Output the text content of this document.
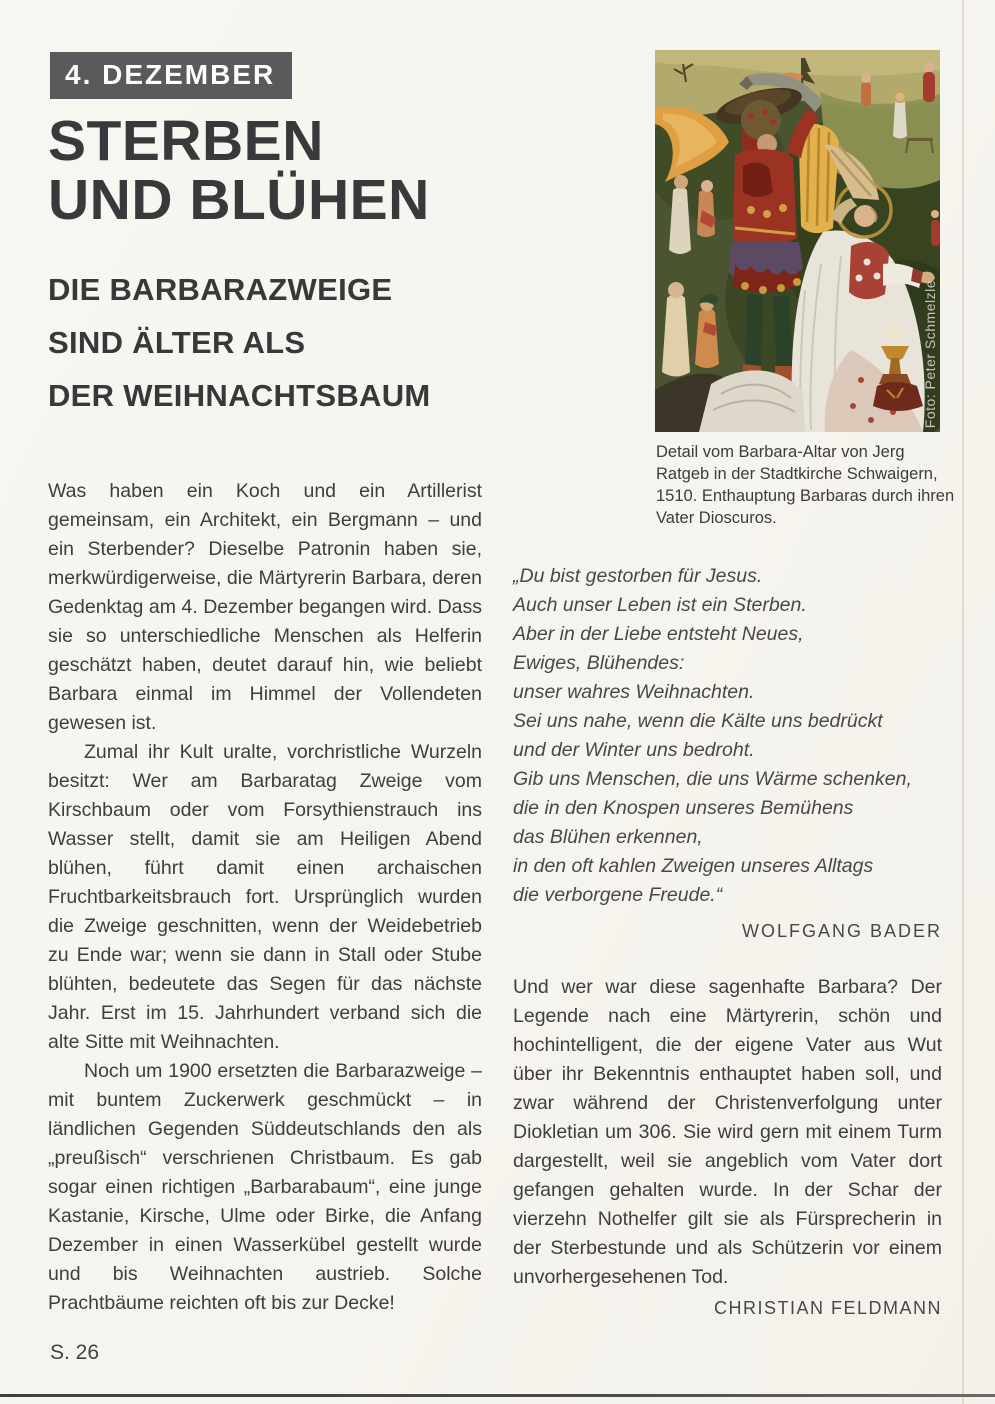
4. DEZEMBER
STERBEN
UND BLÜHEN
DIE BARBARAZWEIGE
SIND ÄLTER ALS
DER WEIHNACHTSBAUM	Foto: Peter Schmelzle
Detail vom Barbara-Altar von Jerg Ratgeb in der Stadtkirche Schwaigern, 1510. Enthauptung Barbaras durch ihren Vater Dioscuros.
Was haben ein Koch und ein Artillerist gemeinsam, ein Architekt, ein Bergmann – und ein Sterbender? Dieselbe Patronin haben sie, merkwürdigerweise, die Märtyrerin Barbara, deren Gedenktag am 4. Dezember begangen wird. Dass sie so unterschiedliche Menschen als Helferin geschätzt haben, deutet darauf hin, wie beliebt Barbara einmal im Himmel der Vollendeten gewesen ist.
Zumal ihr Kult uralte, vorchristliche Wurzeln besitzt: Wer am Barbaratag Zweige vom Kirschbaum oder vom Forsythienstrauch ins Wasser stellt, damit sie am Heiligen Abend blühen, führt damit einen archaischen Fruchtbarkeitsbrauch fort. Ursprünglich wurden die Zweige geschnitten, wenn der Weidebetrieb zu Ende war; wenn sie dann in Stall oder Stube blühten, bedeutete das Segen für das nächste Jahr. Erst im 15. Jahrhundert verband sich die alte Sitte mit Weihnachten.
Noch um 1900 ersetzten die Barbarazweige – mit buntem Zuckerwerk geschmückt – in ländlichen Gegenden Süddeutschlands den als „preußisch“ verschrienen Christbaum. Es gab sogar einen richtigen „Barbarabaum“, eine junge Kastanie, Kirsche, Ulme oder Birke, die Anfang Dezember in einen Wasserkübel gestellt wurde und bis Weihnachten austrieb. Solche Prachtbäume reichten oft bis zur Decke!
„Du bist gestorben für Jesus.
Auch unser Leben ist ein Sterben.
Aber in der Liebe entsteht Neues,
Ewiges, Blühendes:
unser wahres Weihnachten.
Sei uns nahe, wenn die Kälte uns bedrückt
und der Winter uns bedroht.
Gib uns Menschen, die uns Wärme schenken,
die in den Knospen unseres Bemühens
das Blühen erkennen,
in den oft kahlen Zweigen unseres Alltags
die verborgene Freude.“
WOLFGANG BADER
Und wer war diese sagenhafte Barbara? Der Legende nach eine Märtyrerin, schön und hochintelligent, die der eigene Vater aus Wut über ihr Bekenntnis enthauptet haben soll, und zwar während der Christenverfolgung unter Diokletian um 306. Sie wird gern mit einem Turm dargestellt, weil sie angeblich vom Vater dort gefangen gehalten wurde. In der Schar der vierzehn Nothelfer gilt sie als Fürsprecherin in der Sterbestunde und als Schützerin vor einem unvorhergesehenen Tod.
CHRISTIAN FELDMANN
S. 26
